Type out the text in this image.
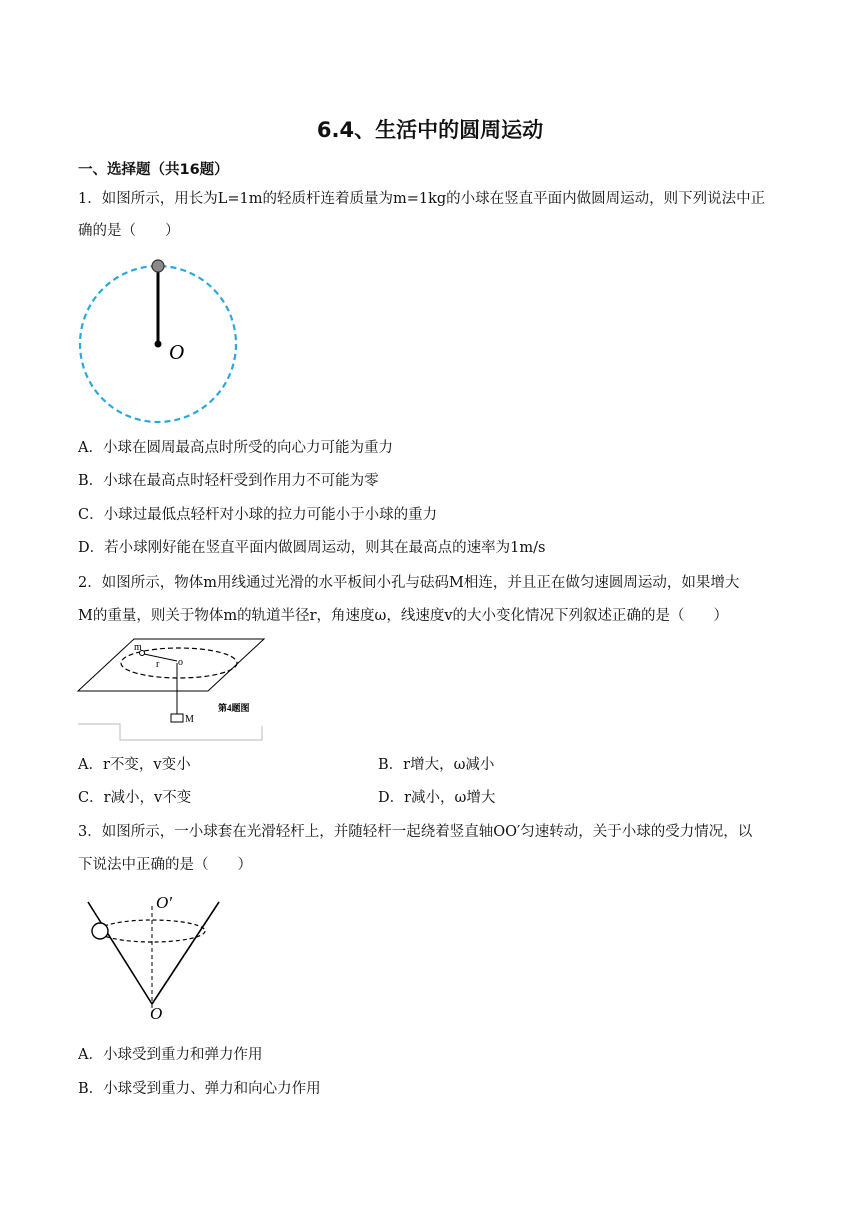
6.4、生活中的圆周运动
一、选择题（共16题）
1．如图所示，用长为L=1m的轻质杆连着质量为m=1kg的小球在竖直平面内做圆周运动，则下列说法中正
确的是（　　）
O
A．小球在圆周最高点时所受的向心力可能为重力
B．小球在最高点时轻杆受到作用力不可能为零
C．小球过最低点轻杆对小球的拉力可能小于小球的重力
D．若小球刚好能在竖直平面内做圆周运动，则其在最高点的速率为1m/s
2．如图所示，物体m用线通过光滑的水平板间小孔与砝码M相连，并且正在做匀速圆周运动，如果增大
M的重量，则关于物体m的轨道半径r，角速度ω，线速度v的大小变化情况下列叙述正确的是（　　）
m
r o
M
第4题图
A．r不变，v变小	B．r增大，ω减小
C．r减小，v不变	D．r减小，ω增大
3．如图所示，一小球套在光滑轻杆上，并随轻杆一起绕着竖直轴OO′匀速转动，关于小球的受力情况，以
下说法中正确的是（　　）
O′
O
A．小球受到重力和弹力作用
B．小球受到重力、弹力和向心力作用
